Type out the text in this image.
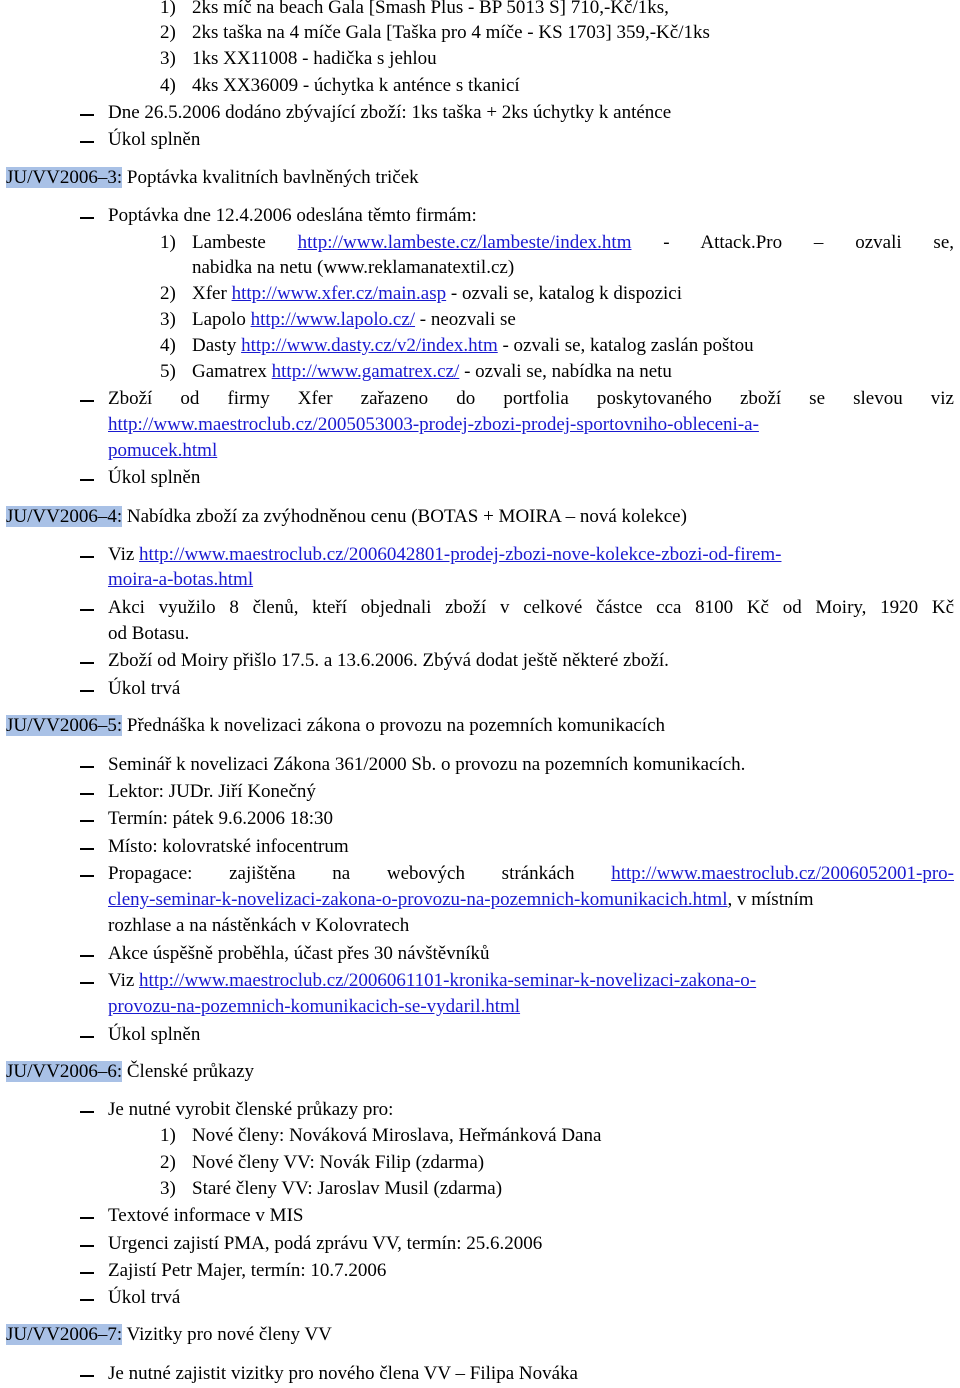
1) 2ks míč na beach Gala [Smash Plus - BP 5013 S] 710,-Kč/1ks,
2) 2ks taška na 4 míče Gala [Taška pro 4 míče - KS 1703] 359,-Kč/1ks
3) 1ks XX11008 - hadička s jehlou
4) 4ks XX36009 - úchytka k anténce s tkanicí
Dne 26.5.2006 dodáno zbývající zboží: 1ks taška + 2ks úchytky k anténce
Úkol splněn
JU/VV2006–3: Poptávka kvalitních bavlněných triček
Poptávka dne 12.4.2006 odeslána těmto firmám:
1) Lambeste http://www.lambeste.cz/lambeste/index.htm - Attack.Pro – ozvali se,
nabidka na netu (www.reklamanatextil.cz)
2) Xfer http://www.xfer.cz/main.asp - ozvali se, katalog k dispozici
3) Lapolo http://www.lapolo.cz/ - neozvali se
4) Dasty http://www.dasty.cz/v2/index.htm - ozvali se, katalog zaslán poštou
5) Gamatrex http://www.gamatrex.cz/ - ozvali se, nabídka na netu
Zboží od firmy Xfer zařazeno do portfolia poskytovaného zboží se slevou viz
http://www.maestroclub.cz/2005053003-prodej-zbozi-prodej-sportovniho-obleceni-a-
pomucek.html
Úkol splněn
JU/VV2006–4: Nabídka zboží za zvýhodněnou cenu (BOTAS + MOIRA – nová kolekce)
Viz http://www.maestroclub.cz/2006042801-prodej-zbozi-nove-kolekce-zbozi-od-firem-
moira-a-botas.html
Akci využilo 8 členů, kteří objednali zboží v celkové částce cca 8100 Kč od Moiry, 1920 Kč
od Botasu.
Zboží od Moiry přišlo 17.5. a 13.6.2006. Zbývá dodat ještě některé zboží.
Úkol trvá
JU/VV2006–5: Přednáška k novelizaci zákona o provozu na pozemních komunikacích
Seminář k novelizaci Zákona 361/2000 Sb. o provozu na pozemních komunikacích.
Lektor: JUDr. Jiří Konečný
Termín: pátek 9.6.2006 18:30
Místo: kolovratské infocentrum
Propagace: zajištěna na webových stránkách http://www.maestroclub.cz/2006052001-pro-
cleny-seminar-k-novelizaci-zakona-o-provozu-na-pozemnich-komunikacich.html, v místním
rozhlase a na nástěnkách v Kolovratech
Akce úspěšně proběhla, účast přes 30 návštěvníků
Viz http://www.maestroclub.cz/2006061101-kronika-seminar-k-novelizaci-zakona-o-
provozu-na-pozemnich-komunikacich-se-vydaril.html
Úkol splněn
JU/VV2006–6: Členské průkazy
Je nutné vyrobit členské průkazy pro:
1) Nové členy: Nováková Miroslava, Heřmánková Dana
2) Nové členy VV: Novák Filip (zdarma)
3) Staré členy VV: Jaroslav Musil (zdarma)
Textové informace v MIS
Urgenci zajistí PMA, podá zprávu VV, termín: 25.6.2006
Zajistí Petr Majer, termín: 10.7.2006
Úkol trvá
JU/VV2006–7: Vizitky pro nové členy VV
Je nutné zajistit vizitky pro nového člena VV – Filipa Nováka
